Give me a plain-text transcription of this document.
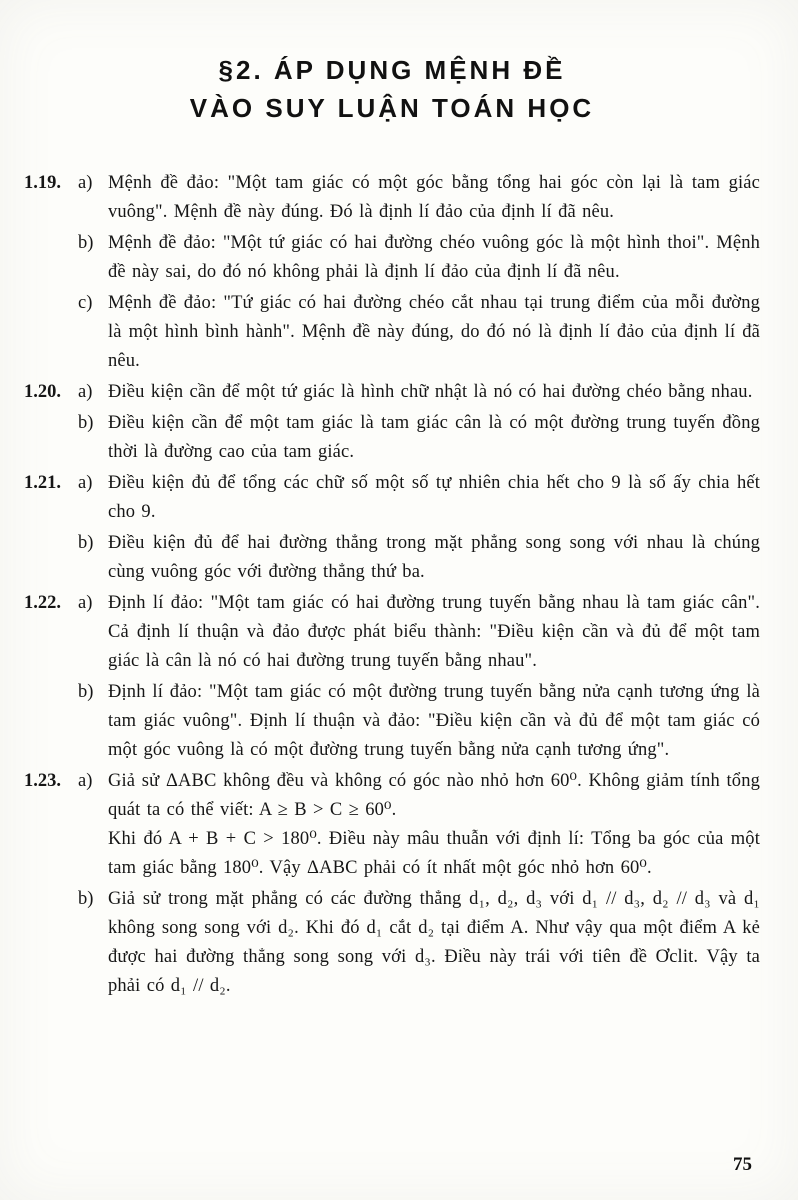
§2. ÁP DỤNG MỆNH ĐỀ
VÀO SUY LUẬN TOÁN HỌC
1.19. a) Mệnh đề đảo: "Một tam giác có một góc bằng tổng hai góc còn lại là tam giác vuông". Mệnh đề này đúng. Đó là định lí đảo của định lí đã nêu.

b) Mệnh đề đảo: "Một tứ giác có hai đường chéo vuông góc là một hình thoi". Mệnh đề này sai, do đó nó không phải là định lí đảo của định lí đã nêu.

c) Mệnh đề đảo: "Tứ giác có hai đường chéo cắt nhau tại trung điểm của mỗi đường là một hình bình hành". Mệnh đề này đúng, do đó nó là định lí đảo của định lí đã nêu.

1.20. a) Điều kiện cần để một tứ giác là hình chữ nhật là nó có hai đường chéo bằng nhau.

b) Điều kiện cần để một tam giác là tam giác cân là có một đường trung tuyến đồng thời là đường cao của tam giác.

1.21. a) Điều kiện đủ để tổng các chữ số một số tự nhiên chia hết cho 9 là số ấy chia hết cho 9.

b) Điều kiện đủ để hai đường thẳng trong mặt phẳng song song với nhau là chúng cùng vuông góc với đường thẳng thứ ba.

1.22. a) Định lí đảo: "Một tam giác có hai đường trung tuyến bằng nhau là tam giác cân". Cả định lí thuận và đảo được phát biểu thành: "Điều kiện cần và đủ để một tam giác là cân là nó có hai đường trung tuyến bằng nhau".

b) Định lí đảo: "Một tam giác có một đường trung tuyến bằng nửa cạnh tương ứng là tam giác vuông". Định lí thuận và đảo: "Điều kiện cần và đủ để một tam giác có một góc vuông là có một đường trung tuyến bằng nửa cạnh tương ứng".

1.23. a) Giả sử ΔABC không đều và không có góc nào nhỏ hơn 60⁰. Không giảm tính tổng quát ta có thể viết: A ≥ B > C ≥ 60⁰.

Khi đó A + B + C > 180⁰. Điều này mâu thuẫn với định lí: Tổng ba góc của một tam giác bằng 180⁰. Vậy ΔABC phải có ít nhất một góc nhỏ hơn 60⁰.

b) Giả sử trong mặt phẳng có các đường thẳng d₁, d₂, d₃ với d₁ // d₃, d₂ // d₃ và d₁ không song song với d₂. Khi đó d₁ cắt d₂ tại điểm A. Như vậy qua một điểm A kẻ được hai đường thẳng song song với d₃. Điều này trái với tiên đề Ơclit. Vậy ta phải có d₁ // d₂.

75
